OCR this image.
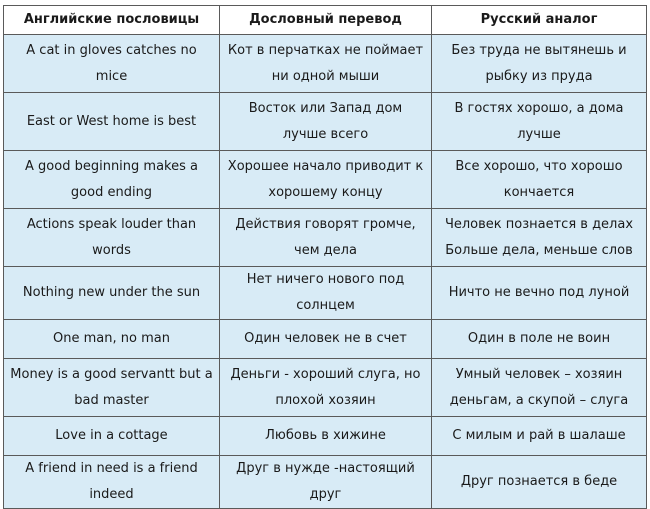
Английские пословицы	Дословный перевод	Русский аналог
A cat in gloves catches no mice	Кот в перчатках не поймает ни одной мыши	Без труда не вытянешь и рыбку из пруда
East or West home is best	Восток или Запад дом лучше всего	В гостях хорошо, а дома лучше
A good beginning makes a good ending	Хорошее начало приводит к хорошему концу	Все хорошо, что хорошо кончается
Actions speak louder than words	Действия говорят громче, чем дела	Человек познается в делах Больше дела, меньше слов
Nothing new under the sun	Нет ничего нового под солнцем	Ничто не вечно под луной
One man, no man	Один человек не в счет	Один в поле не воин
Money is a good servantt but a bad master	Деньги - хороший слуга, но плохой хозяин	Умный человек – хозяин деньгам, а скупой – слуга
Love in a cottage	Любовь в хижине	С милым и рай в шалаше
A friend in need is a friend indeed	Друг в нужде -настоящий друг	Друг познается в беде
